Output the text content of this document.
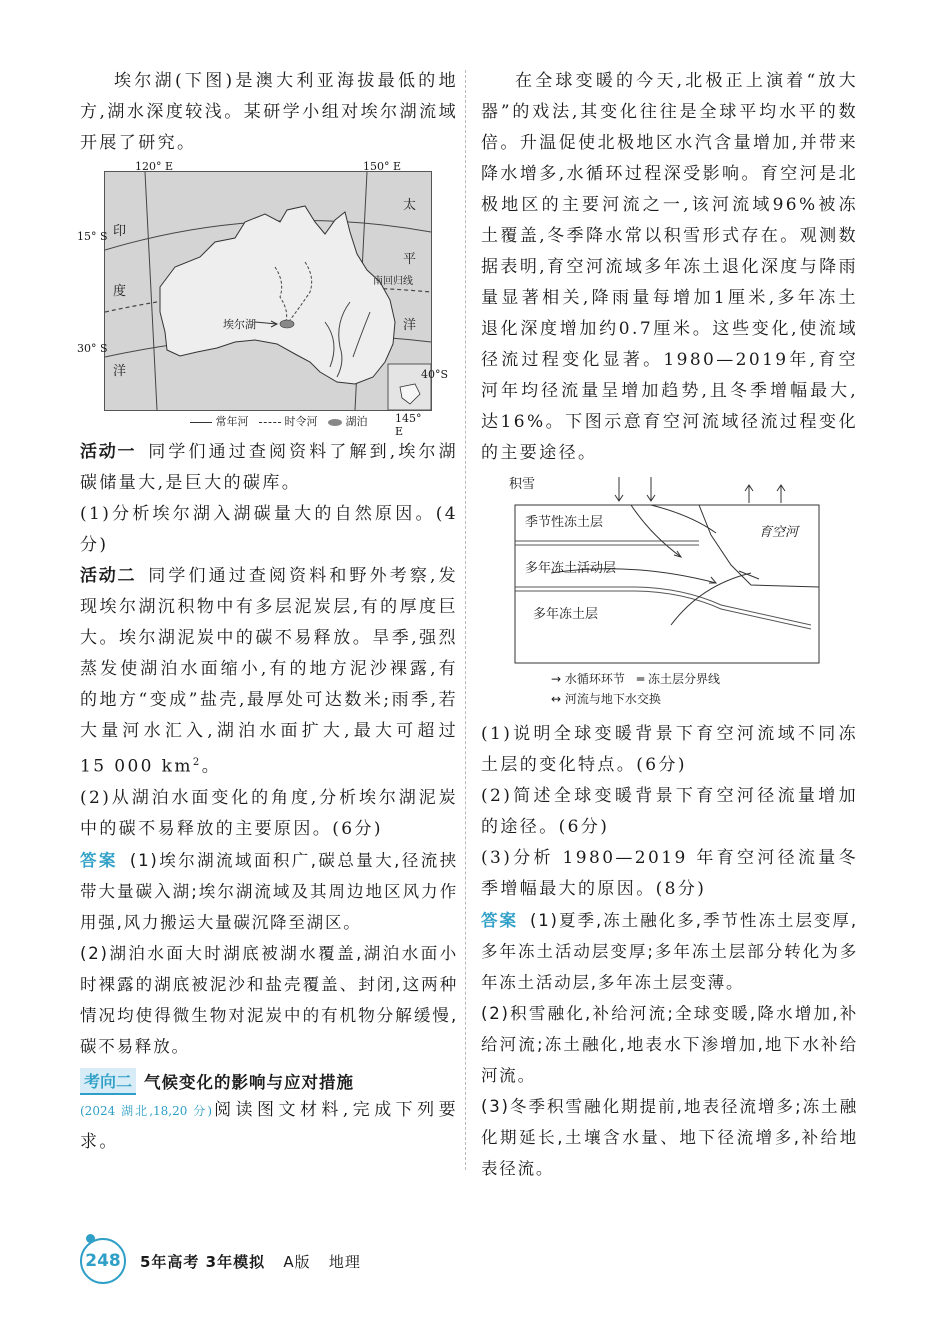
埃尔湖(下图)是澳大利亚海拔最低的地方,湖水深度较浅。某研学小组对埃尔湖流域开展了研究。

120° E	150° E
15° S
30° S
40°S
145° E
印
度
洋
太
平
洋
南回归线
埃尔湖
常年河	时令河	湖泊

活动一 同学们通过查阅资料了解到,埃尔湖碳储量大,是巨大的碳库。

(1)分析埃尔湖入湖碳量大的自然原因。(4分)

活动二 同学们通过查阅资料和野外考察,发现埃尔湖沉积物中有多层泥炭层,有的厚度巨大。埃尔湖泥炭中的碳不易释放。旱季,强烈蒸发使湖泊水面缩小,有的地方泥沙裸露,有的地方“变成”盐壳,最厚处可达数米;雨季,若大量河水汇入,湖泊水面扩大,最大可超过 15 000 $km^2$。

(2)从湖泊水面变化的角度,分析埃尔湖泥炭中的碳不易释放的主要原因。(6分)

答案 (1)埃尔湖流域面积广,碳总量大,径流挟带大量碳入湖;埃尔湖流域及其周边地区风力作用强,风力搬运大量碳沉降至湖区。

(2)湖泊水面大时湖底被湖水覆盖,湖泊水面小时裸露的湖底被泥沙和盐壳覆盖、封闭,这两种情况均使得微生物对泥炭中的有机物分解缓慢,碳不易释放。

考向二 气候变化的影响与应对措施

(2024 湖北,18,20 分)阅读图文材料,完成下列要求。

在全球变暖的今天,北极正上演着“放大器”的戏法,其变化往往是全球平均水平的数倍。升温促使北极地区水汽含量增加,并带来降水增多,水循环过程深受影响。育空河是北极地区的主要河流之一,该河流域96%被冻土覆盖,冬季降水常以积雪形式存在。观测数据表明,育空河流域多年冻土退化深度与降雨量显著相关,降雨量每增加1厘米,多年冻土退化深度增加约0.7厘米。这些变化,使流域径流过程变化显著。1980—2019年,育空河年均径流量呈增加趋势,且冬季增幅最大,达16%。下图示意育空河流域径流过程变化的主要途径。

积雪
季节性冻土层
育空河
多年冻土活动层
多年冻土层
→ 水循环环节　═ 冻土层分界线
↔ 河流与地下水交换

(1)说明全球变暖背景下育空河流域不同冻土层的变化特点。(6分)

(2)简述全球变暖背景下育空河径流量增加的途径。(6分)

(3)分析 1980—2019 年育空河径流量冬季增幅最大的原因。(8分)

答案 (1)夏季,冻土融化多,季节性冻土层变厚,多年冻土活动层变厚;多年冻土层部分转化为多年冻土活动层,多年冻土层变薄。

(2)积雪融化,补给河流;全球变暖,降水增加,补给河流;冻土融化,地表水下渗增加,地下水补给河流。

(3)冬季积雪融化期提前,地表径流增多;冻土融化期延长,土壤含水量、地下径流增多,补给地表径流。

248	5年高考 3年模拟 A版 地理
